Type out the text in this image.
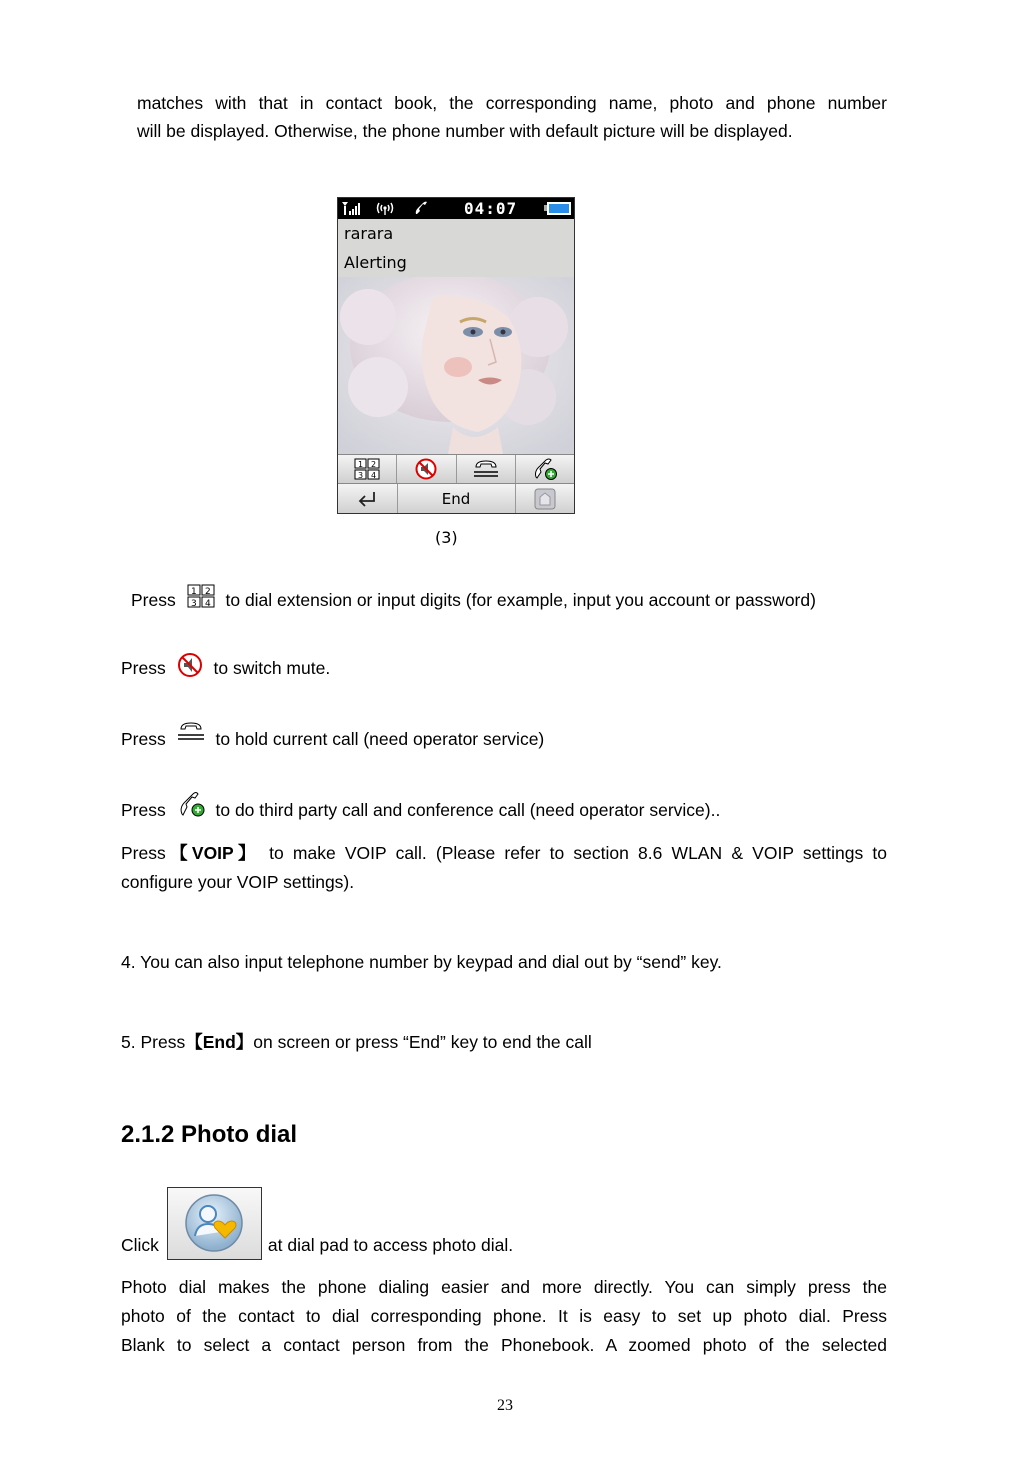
matches with that in contact book, the corresponding name, photo and phone number

will be displayed. Otherwise, the phone number with default picture will be displayed.

04:07
rarara
Alerting
1 2
3 4
End
(3)

Press 1 2
3 4 to dial extension or input digits (for example, input you account or password)

Press	to switch mute.

Press	to hold current call (need operator service)

Press	to do third party call and conference call (need operator service)..

Press【VOIP】 to make VOIP call. (Please refer to section 8.6 WLAN & VOIP settings to

configure your VOIP settings).

4. You can also input telephone number by keypad and dial out by “send” key.

5. Press【End】on screen or press “End” key to end the call

2.1.2 Photo dial

Click	at dial pad to access photo dial.

Photo dial makes the phone dialing easier and more directly. You can simply press the

photo of the contact to dial corresponding phone. It is easy to set up photo dial. Press

Blank to select a contact person from the Phonebook. A zoomed photo of the selected

23
